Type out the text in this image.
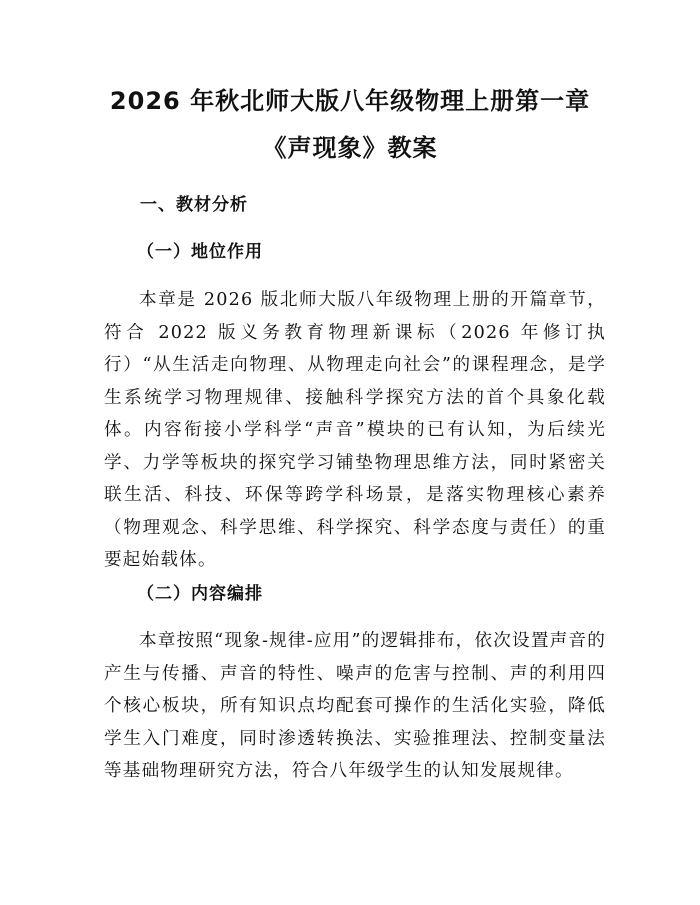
2026 年秋北师大版八年级物理上册第一章
《声现象》教案
一、教材分析
（一）地位作用

本章是 2026 版北师大版八年级物理上册的开篇章节，符合 2022 版义务教育物理新课标（2026 年修订执行）“从生活走向物理、从物理走向社会”的课程理念，是学生系统学习物理规律、接触科学探究方法的首个具象化载体。内容衔接小学科学“声音”模块的已有认知，为后续光学、力学等板块的探究学习铺垫物理思维方法，同时紧密关联生活、科技、环保等跨学科场景，是落实物理核心素养（物理观念、科学思维、科学探究、科学态度与责任）的重要起始载体。

（二）内容编排

本章按照“现象-规律-应用”的逻辑排布，依次设置声音的产生与传播、声音的特性、噪声的危害与控制、声的利用四个核心板块，所有知识点均配套可操作的生活化实验，降低学生入门难度，同时渗透转换法、实验推理法、控制变量法等基础物理研究方法，符合八年级学生的认知发展规律。
